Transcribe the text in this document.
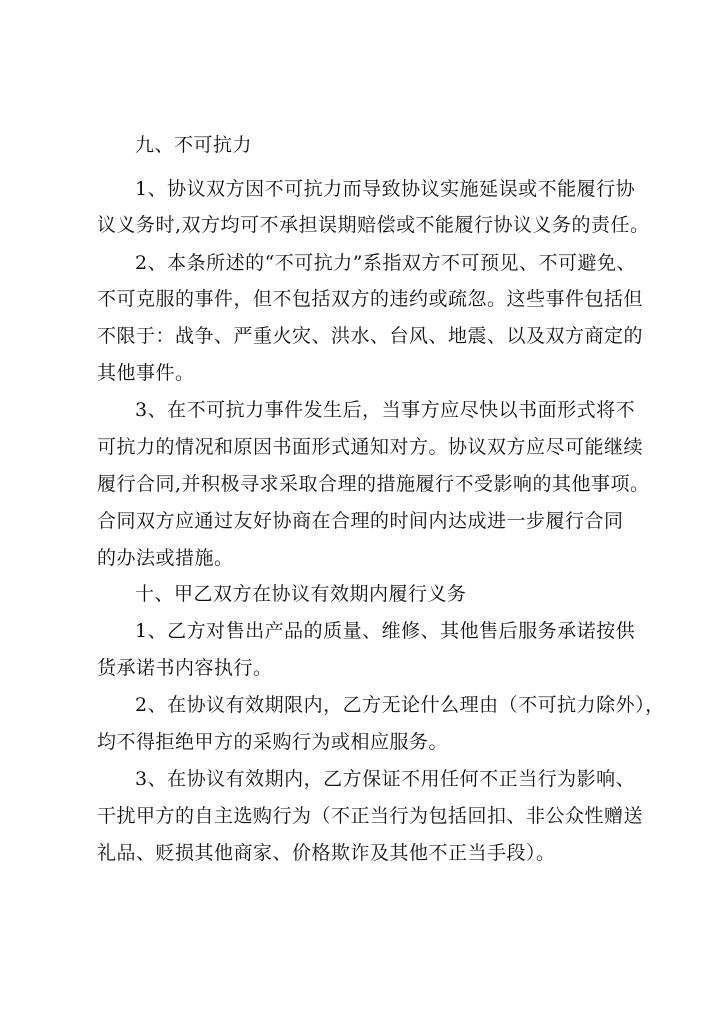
九、不可抗力
1、协议双方因不可抗力而导致协议实施延误或不能履行协
议义务时,双方均可不承担误期赔偿或不能履行协议义务的责任。
2、本条所述的“不可抗力”系指双方不可预见、不可避免、
不可克服的事件，但不包括双方的违约或疏忽。这些事件包括但
不限于：战争、严重火灾、洪水、台风、地震、以及双方商定的
其他事件。
3、在不可抗力事件发生后，当事方应尽快以书面形式将不
可抗力的情况和原因书面形式通知对方。协议双方应尽可能继续
履行合同,并积极寻求采取合理的措施履行不受影响的其他事项。
合同双方应通过友好协商在合理的时间内达成进一步履行合同
的办法或措施。
十、甲乙双方在协议有效期内履行义务
1、乙方对售出产品的质量、维修、其他售后服务承诺按供
货承诺书内容执行。
2、在协议有效期限内，乙方无论什么理由（不可抗力除外），
均不得拒绝甲方的采购行为或相应服务。
3、在协议有效期内，乙方保证不用任何不正当行为影响、
干扰甲方的自主选购行为（不正当行为包括回扣、非公众性赠送
礼品、贬损其他商家、价格欺诈及其他不正当手段）。
